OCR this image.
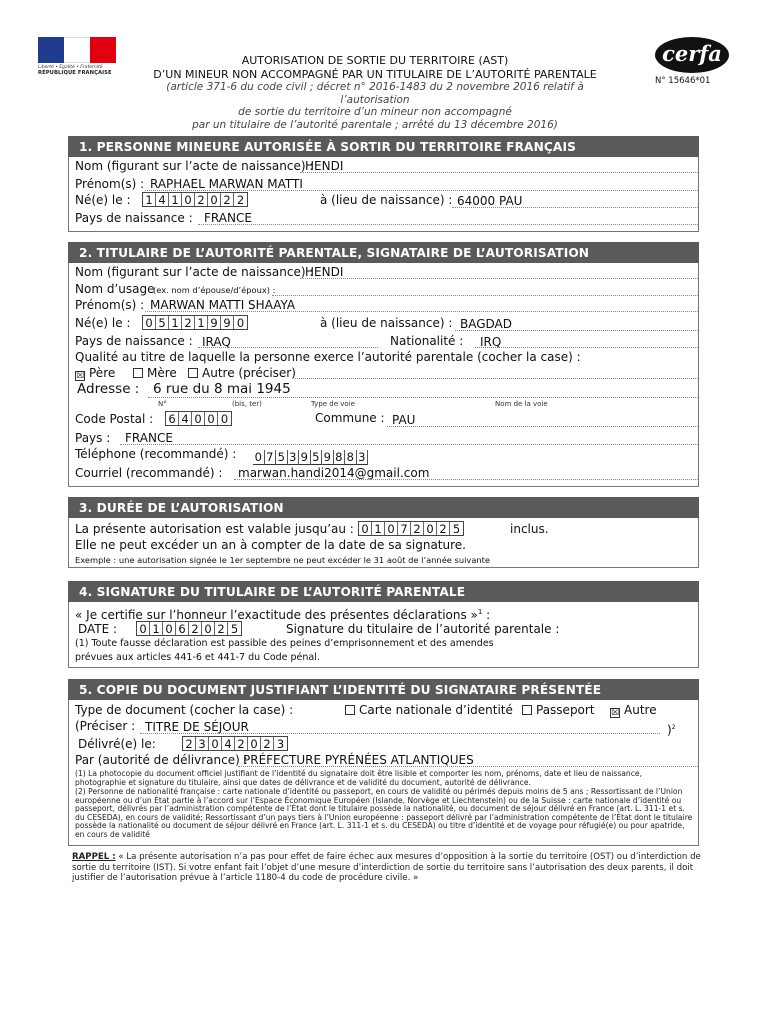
Liberté • Égalité • Fraternité
RÉPUBLIQUE FRANÇAISE
AUTORISATION DE SORTIE DU TERRITOIRE (AST)
D’UN MINEUR NON ACCOMPAGNÉ PAR UN TITULAIRE DE L’AUTORITÉ PARENTALE
(article 371-6 du code civil ; décret n° 2016-1483 du 2 novembre 2016 relatif à l’autorisation
de sortie du territoire d’un mineur non accompagné
par un titulaire de l’autorité parentale ; arrêté du 13 décembre 2016)
cerfa
N° 15646*01
1. PERSONNE MINEURE AUTORISÉE À SORTIR DU TERRITOIRE FRANÇAIS
Nom (figurant sur l’acte de naissance) :
HENDI
Prénom(s) : RAPHAEL MARWAN MATTI
Né(e) le : 1 4 1 0 2 0 2 2	à (lieu de naissance) : 64000 PAU
Pays de naissance : FRANCE
2. TITULAIRE DE L’AUTORITÉ PARENTALE, SIGNATAIRE DE L’AUTORISATION
Nom (figurant sur l’acte de naissance) :
HENDI
Nom d’usage
(ex. nom d’épouse/d’époux) :
Prénom(s) : MARWAN MATTI SHAAYA
Né(e) le : 0 5 1 2 1 9 9 0	à (lieu de naissance) : BAGDAD
Pays de naissance : IRAQ	Nationalité : IRQ
Qualité au titre de laquelle la personne exerce l’autorité parentale (cocher la case) :
☒ Père	Mère	Autre (préciser)
Adresse : 6 rue du 8 mai 1945
N°	(bis, ter)	Type de voie	Nom de la voie
Code Postal : 6 4 0 0 0	Commune : PAU
Pays : FRANCE
Téléphone (recommandé) : 0 7 5 3 9 5 9 8 8 3
Courriel (recommandé) : marwan.handi2014@gmail.com
3. DURÉE DE L’AUTORISATION
La présente autorisation est valable jusqu’au : 0 1 0 7 2 0 2 5	inclus.
Elle ne peut excéder un an à compter de la date de sa signature.
Exemple : une autorisation signée le 1er septembre ne peut excéder le 31 août de l’année suivante
4. SIGNATURE DU TITULAIRE DE L’AUTORITÉ PARENTALE
« Je certifie sur l’honneur l’exactitude des présentes déclarations »$^1$ :
DATE : 0 1 0 6 2 0 2 5	Signature du titulaire de l’autorité parentale :
(1) Toute fausse déclaration est passible des peines d’emprisonnement et des amendes
prévues aux articles 441-6 et 441-7 du Code pénal.
5. COPIE DU DOCUMENT JUSTIFIANT L’IDENTITÉ DU SIGNATAIRE PRÉSENTÉE
Type de document (cocher la case) :	Carte nationale d’identité	Passeport ☒ Autre
(Préciser : TITRE DE SÉJOUR	)$^2$
Délivré(e) le:	2 3 0 4 2 0 2 3
Par (autorité de délivrance) :
PRÉFECTURE PYRÉNÉES ATLANTIQUES
(1) La photocopie du document officiel justifiant de l’identité du signataire doit être lisible et comporter les nom, prénoms, date et lieu de naissance, photographie et signature du titulaire, ainsi que dates de délivrance et de validité du document, autorité de délivrance.
(2) Personne de nationalité française : carte nationale d’identité ou passeport, en cours de validité ou périmés depuis moins de 5 ans ; Ressortissant de l’Union européenne ou d’un État partie à l’accord sur l’Espace Économique Européen (Islande, Norvège et Liechtenstein) ou de la Suisse : carte nationale d’identité ou passeport, délivrés par l’administration compétente de l’État dont le titulaire possède la nationalité, ou document de séjour délivré en France (art. L. 311-1 et s. du CESEDA), en cours de validité; Ressortissant d’un pays tiers à l’Union européenne : passeport délivré par l’administration compétente de l’État dont le titulaire possède la nationalité ou document de séjour délivré en France (art. L. 311-1 et s. du CESEDA) ou titre d’identité et de voyage pour réfugié(e) ou pour apatride, en cours de validité
RAPPEL : « La présente autorisation n’a pas pour effet de faire échec aux mesures d’opposition à la sortie du territoire (OST) ou d’interdiction de sortie du territoire (IST). Si votre enfant fait l’objet d’une mesure d’interdiction de sortie du territoire sans l’autorisation des deux parents, il doit justifier de l’autorisation prévue à l’article 1180-4 du code de procédure civile. »
